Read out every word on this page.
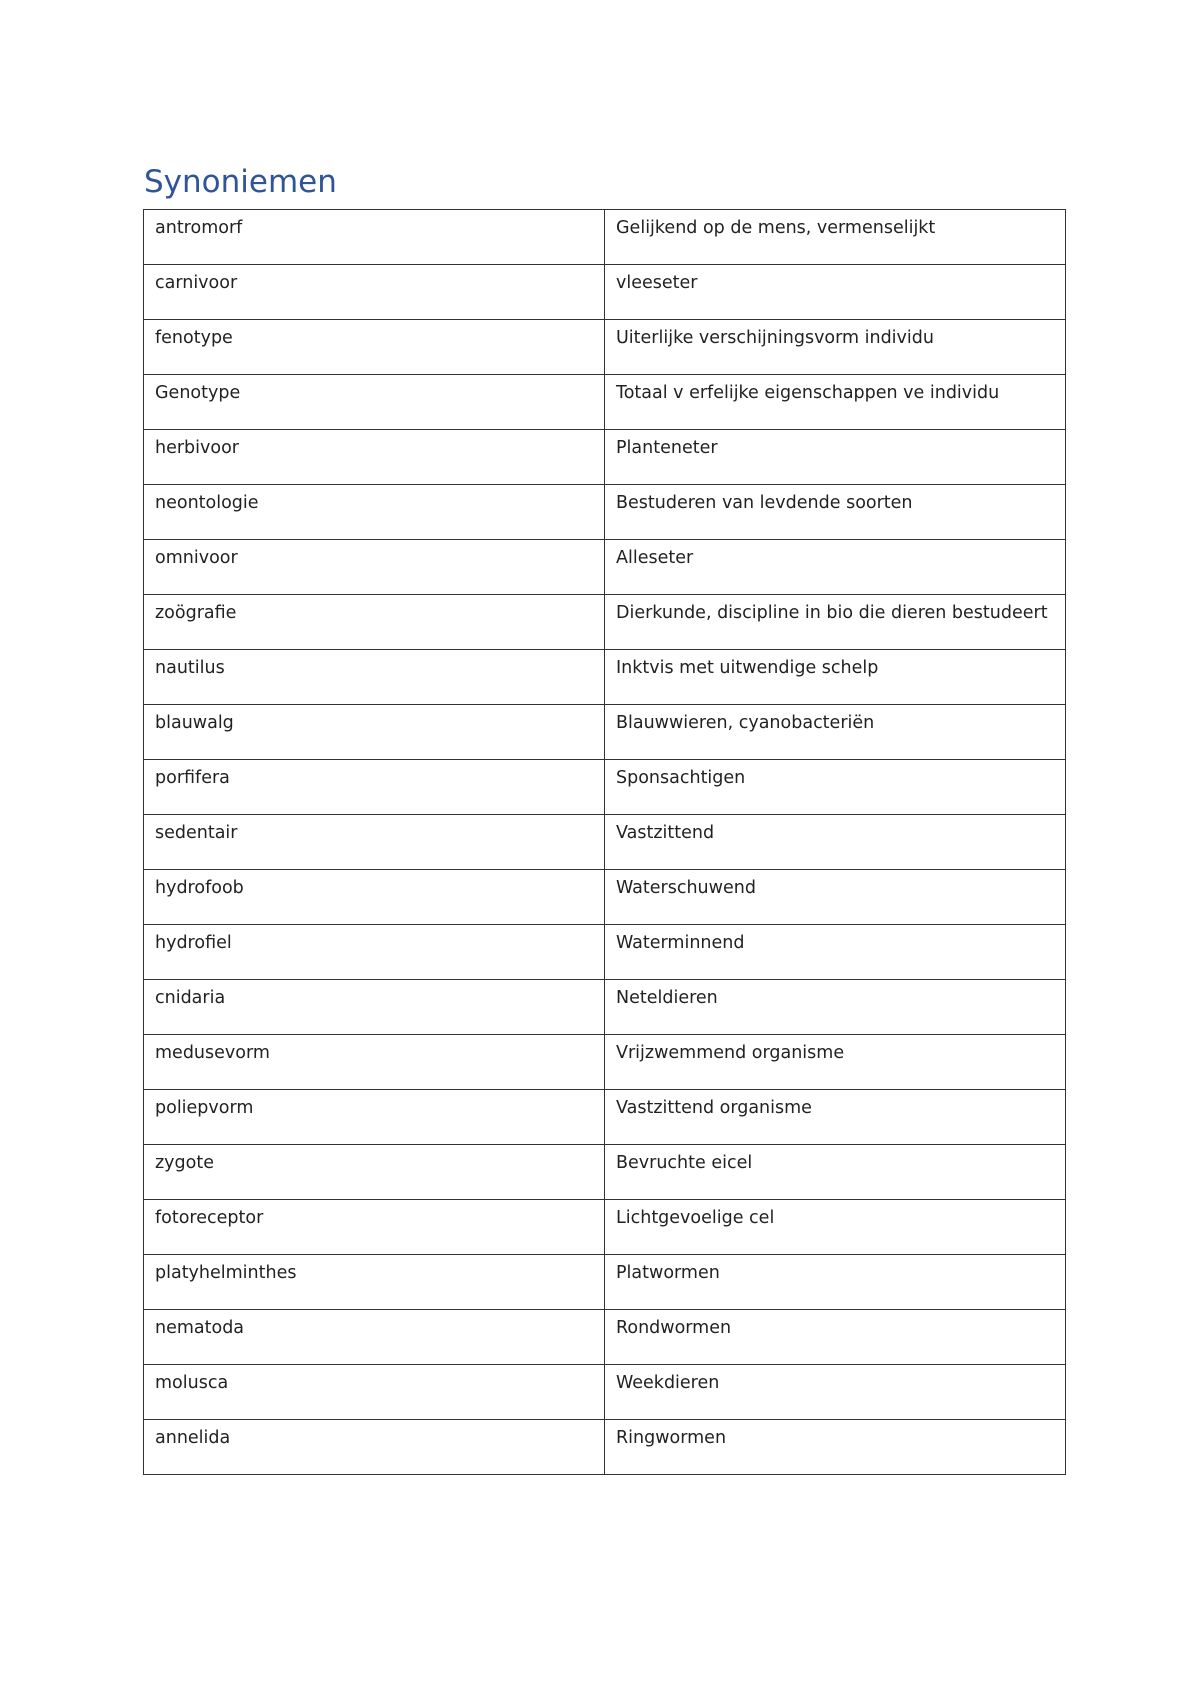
Synoniemen
antromorf	Gelijkend op de mens, vermenselijkt
carnivoor	vleeseter
fenotype	Uiterlijke verschijningsvorm individu
Genotype	Totaal v erfelijke eigenschappen ve individu
herbivoor	Planteneter
neontologie	Bestuderen van levdende soorten
omnivoor	Alleseter
zoögrafie	Dierkunde, discipline in bio die dieren bestudeert
nautilus	Inktvis met uitwendige schelp
blauwalg	Blauwwieren, cyanobacteriën
porfifera	Sponsachtigen
sedentair	Vastzittend
hydrofoob	Waterschuwend
hydrofiel	Waterminnend
cnidaria	Neteldieren
medusevorm	Vrijzwemmend organisme
poliepvorm	Vastzittend organisme
zygote	Bevruchte eicel
fotoreceptor	Lichtgevoelige cel
platyhelminthes	Platwormen
nematoda	Rondwormen
molusca	Weekdieren
annelida	Ringwormen
